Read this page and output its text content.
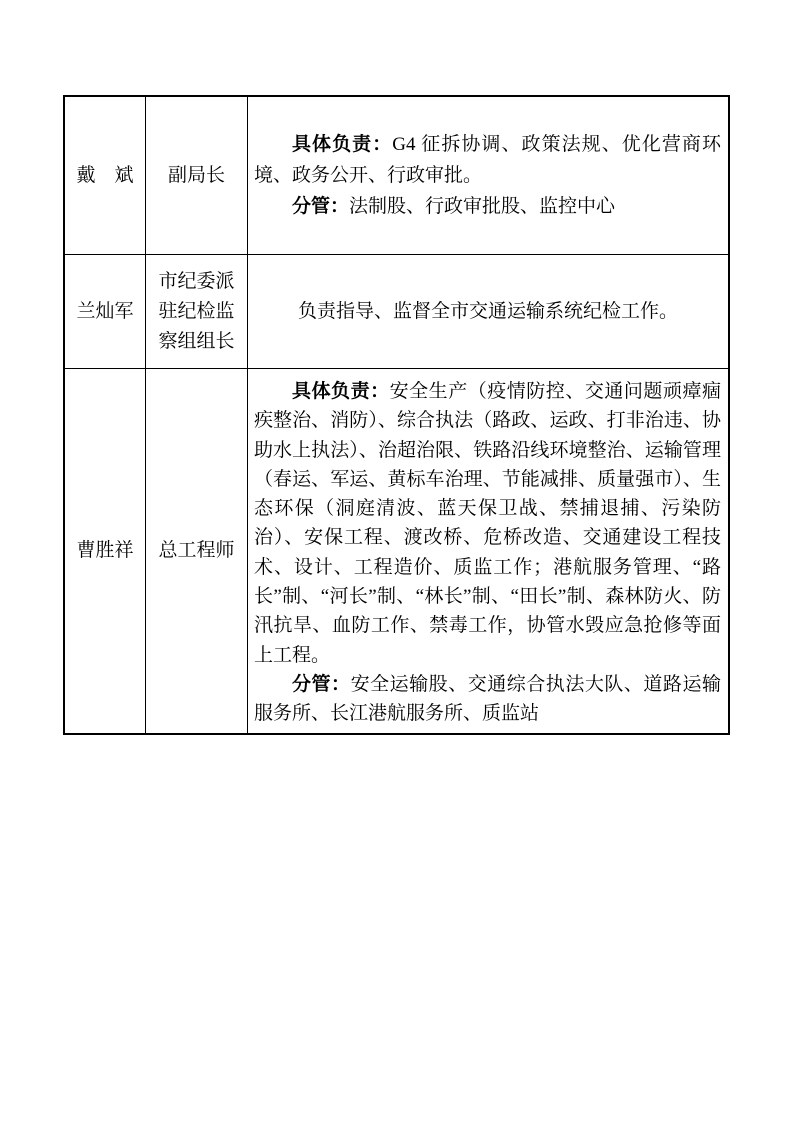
戴　斌 副局长

具体负责：G4 征拆协调、政策法规、优化营商环境、政务公开、行政审批。

分管：法制股、行政审批股、监控中心

兰灿军
市纪委派驻纪检监察组组长
负责指导、监督全市交通运输系统纪检工作。
曹胜祥 总工程师

具体负责：安全生产（疫情防控、交通问题顽瘴痼疾整治、消防）、综合执法（路政、运政、打非治违、协助水上执法）、治超治限、铁路沿线环境整治、运输管理（春运、军运、黄标车治理、节能减排、质量强市）、生态环保（洞庭清波、蓝天保卫战、禁捕退捕、污染防治）、安保工程、渡改桥、危桥改造、交通建设工程技术、设计、工程造价、质监工作；港航服务管理、“路长”制、“河长”制、“林长”制、“田长”制、森林防火、防汛抗旱、血防工作、禁毒工作，协管水毁应急抢修等面上工程。

分管：安全运输股、交通综合执法大队、道路运输服务所、长江港航服务所、质监站
